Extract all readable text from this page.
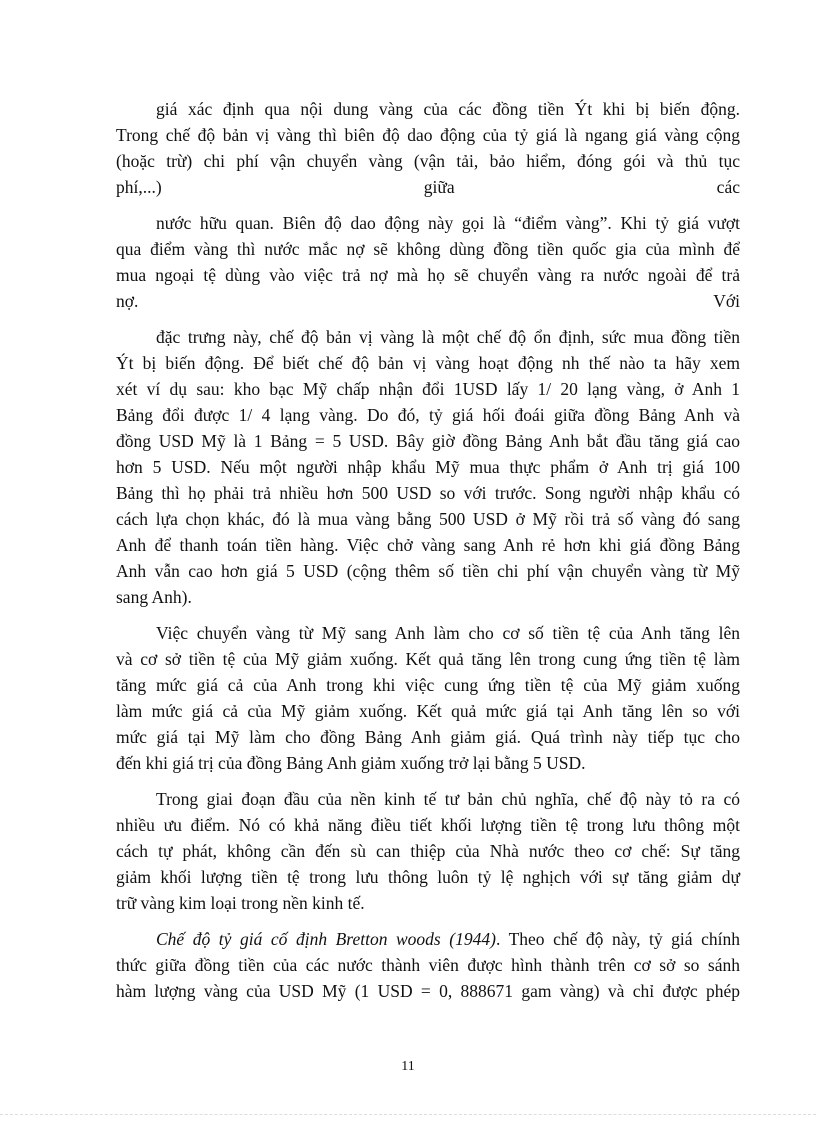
giá xác định qua nội dung vàng của các đồng tiền Ýt khi bị biến động.
Trong chế độ bản vị vàng thì biên độ dao động của tỷ giá là ngang giá vàng cộng
(hoặc trừ) chi phí vận chuyển vàng (vận tải, bảo hiểm, đóng gói và thủ tục
phí,...)	giữa	các
nước hữu quan. Biên độ dao động này gọi là “điểm vàng”. Khi tỷ giá vượt
qua điểm vàng thì nước mắc nợ sẽ không dùng đồng tiền quốc gia của mình để
mua ngoại tệ dùng vào việc trả nợ mà họ sẽ chuyển vàng ra nước ngoài để trả
nợ.	Với
đặc trưng này, chế độ bản vị vàng là một chế độ ổn định, sức mua đồng tiền
Ýt bị biến động. Để biết chế độ bản vị vàng hoạt động nh thế nào ta hãy xem
xét ví dụ sau: kho bạc Mỹ chấp nhận đổi 1USD lấy 1/ 20 lạng vàng, ở Anh 1
Bảng đổi được 1/ 4 lạng vàng. Do đó, tỷ giá hối đoái giữa đồng Bảng Anh và
đồng USD Mỹ là 1 Bảng = 5 USD. Bây giờ đồng Bảng Anh bắt đầu tăng giá cao
hơn 5 USD. Nếu một người nhập khẩu Mỹ mua thực phẩm ở Anh trị giá 100
Bảng thì họ phải trả nhiều hơn 500 USD so với trước. Song người nhập khẩu có
cách lựa chọn khác, đó là mua vàng bằng 500 USD ở Mỹ rồi trả số vàng đó sang
Anh để thanh toán tiền hàng. Việc chở vàng sang Anh rẻ hơn khi giá đồng Bảng
Anh vẫn cao hơn giá 5 USD (cộng thêm số tiền chi phí vận chuyển vàng từ Mỹ
sang Anh).
Việc chuyển vàng từ Mỹ sang Anh làm cho cơ số tiền tệ của Anh tăng lên
và cơ sở tiền tệ của Mỹ giảm xuống. Kết quả tăng lên trong cung ứng tiền tệ làm
tăng mức giá cả của Anh trong khi việc cung ứng tiền tệ của Mỹ giảm xuống
làm mức giá cả của Mỹ giảm xuống. Kết quả mức giá tại Anh tăng lên so với
mức giá tại Mỹ làm cho đồng Bảng Anh giảm giá. Quá trình này tiếp tục cho
đến khi giá trị của đồng Bảng Anh giảm xuống trở lại bằng 5 USD.
Trong giai đoạn đầu của nền kinh tế tư bản chủ nghĩa, chế độ này tỏ ra có
nhiều ưu điểm. Nó có khả năng điều tiết khối lượng tiền tệ trong lưu thông một
cách tự phát, không cần đến sù can thiệp của Nhà nước theo cơ chế: Sự tăng
giảm khối lượng tiền tệ trong lưu thông luôn tỷ lệ nghịch với sự tăng giảm dự
trữ vàng kim loại trong nền kinh tế.
Chế độ tỷ giá cố định Bretton woods (1944). Theo chế độ này, tỷ giá chính
thức giữa đồng tiền của các nước thành viên được hình thành trên cơ sở so sánh
hàm lượng vàng của USD Mỹ (1 USD = 0, 888671 gam vàng) và chỉ được phép
11
